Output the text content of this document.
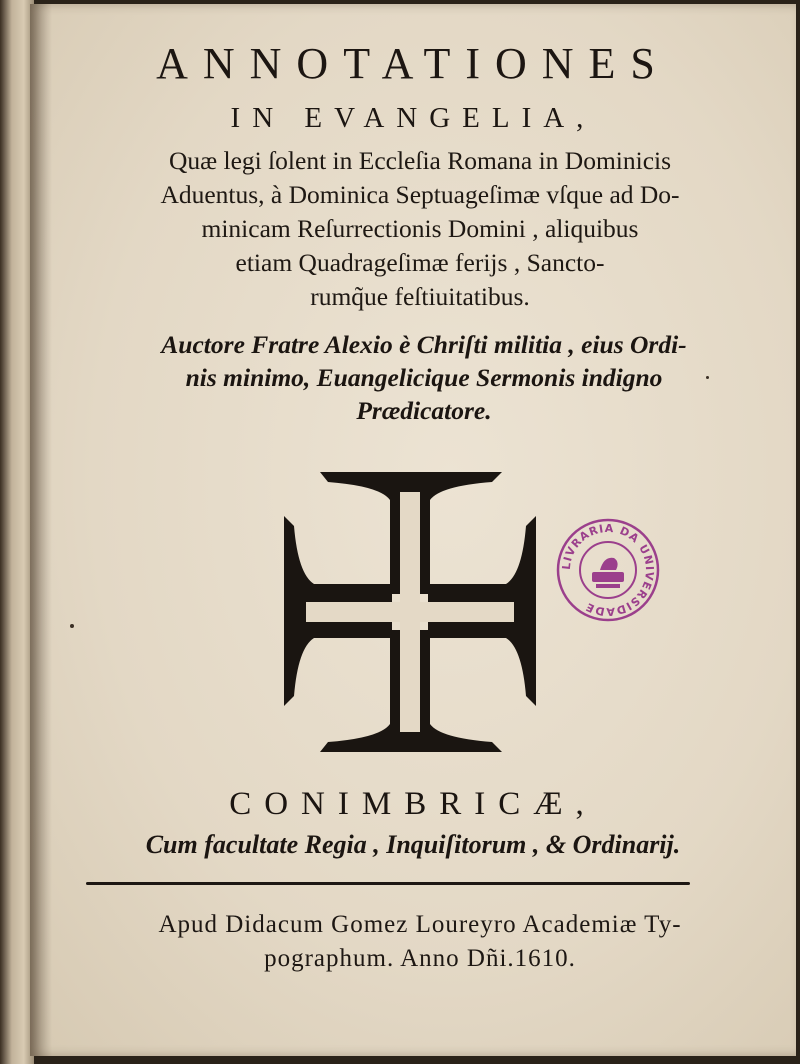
ANNOTATIONES
IN EVANGELIA,
Quæ legi ſolent in Eccleſia Romana in Dominicis
Aduentus, à Dominica Septuageſimæ vſque ad Do-
minicam Reſurrectionis Domini , aliquibus
etiam Quadrageſimæ ferijs , Sancto-
rumq̃ue feſtiuitatibus.
Auctore Fratre Alexio è Chriſti militia , eius Ordi-
nis minimo, Euangelicique Sermonis indigno
Prædicatore.
LIVRARIA DA UNIVERSIDADE
CONIMBRICÆ,
Cum facultate Regia , Inquiſitorum , & Ordinarij.
Apud Didacum Gomez Loureyro Academiæ Ty-
pographum. Anno Dñi.1610.
